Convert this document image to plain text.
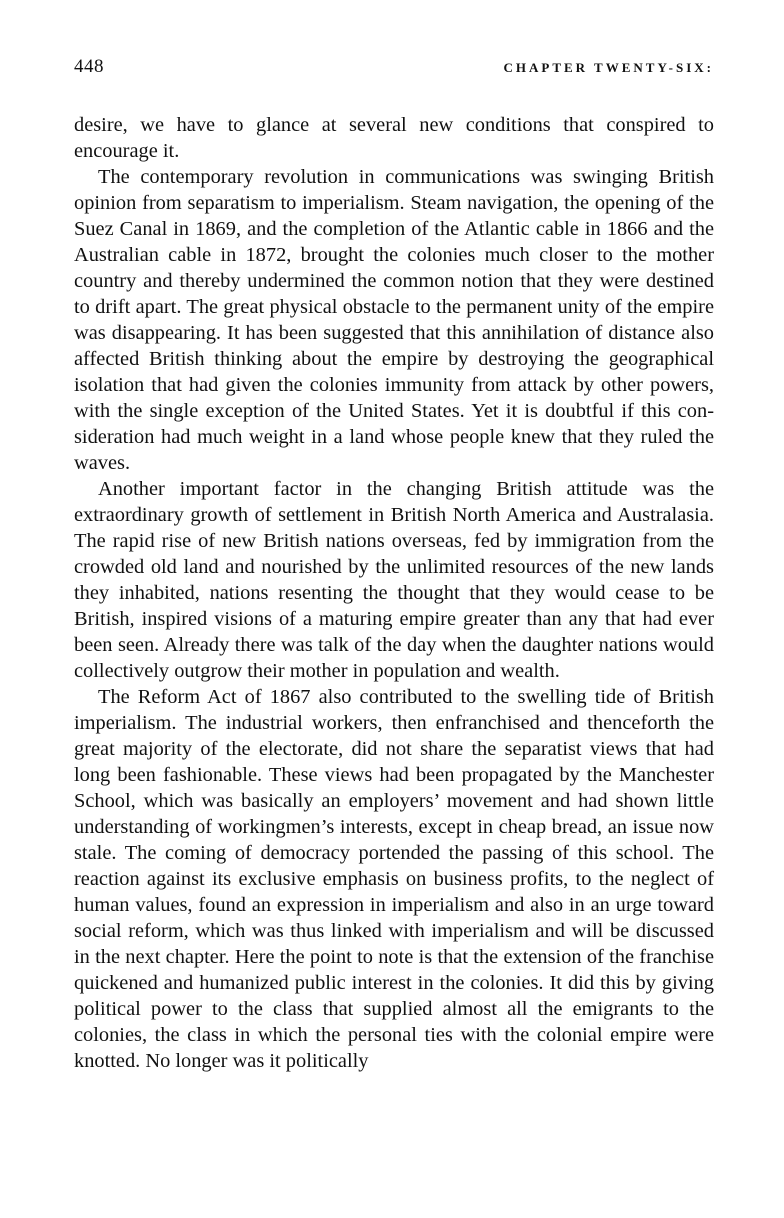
448	CHAPTER TWENTY-SIX:

desire, we have to glance at several new conditions that conspired to encourage it.

The contemporary revolution in communications was swinging British opinion from separatism to imperialism. Steam navigation, the opening of the Suez Canal in 1869, and the completion of the Atlantic cable in 1866 and the Australian cable in 1872, brought the colonies much closer to the mother country and thereby undermined the common notion that they were destined to drift apart. The great physical obstacle to the permanent unity of the empire was disappearing. It has been suggested that this annihilation of distance also affected British thinking about the empire by destroying the geographical isolation that had given the colonies immunity from attack by other powers, with the single exception of the United States. Yet it is doubtful if this consideration had much weight in a land whose people knew that they ruled the waves.

Another important factor in the changing British attitude was the extraordinary growth of settlement in British North America and Australasia. The rapid rise of new British nations overseas, fed by immigration from the crowded old land and nourished by the unlimited resources of the new lands they inhabited, nations resenting the thought that they would cease to be British, inspired visions of a maturing empire greater than any that had ever been seen. Already there was talk of the day when the daughter nations would collectively outgrow their mother in population and wealth.

The Reform Act of 1867 also contributed to the swelling tide of British imperialism. The industrial workers, then enfranchised and thenceforth the great majority of the electorate, did not share the separatist views that had long been fashionable. These views had been propagated by the Manchester School, which was basically an employers’ movement and had shown little understanding of workingmen’s interests, except in cheap bread, an issue now stale. The coming of democracy portended the passing of this school. The reaction against its exclusive emphasis on business profits, to the neglect of human values, found an expression in imperialism and also in an urge toward social reform, which was thus linked with imperialism and will be discussed in the next chapter. Here the point to note is that the extension of the franchise quickened and humanized public interest in the colonies. It did this by giving political power to the class that supplied almost all the emigrants to the colonies, the class in which the personal ties with the colonial empire were knotted. No longer was it politically
